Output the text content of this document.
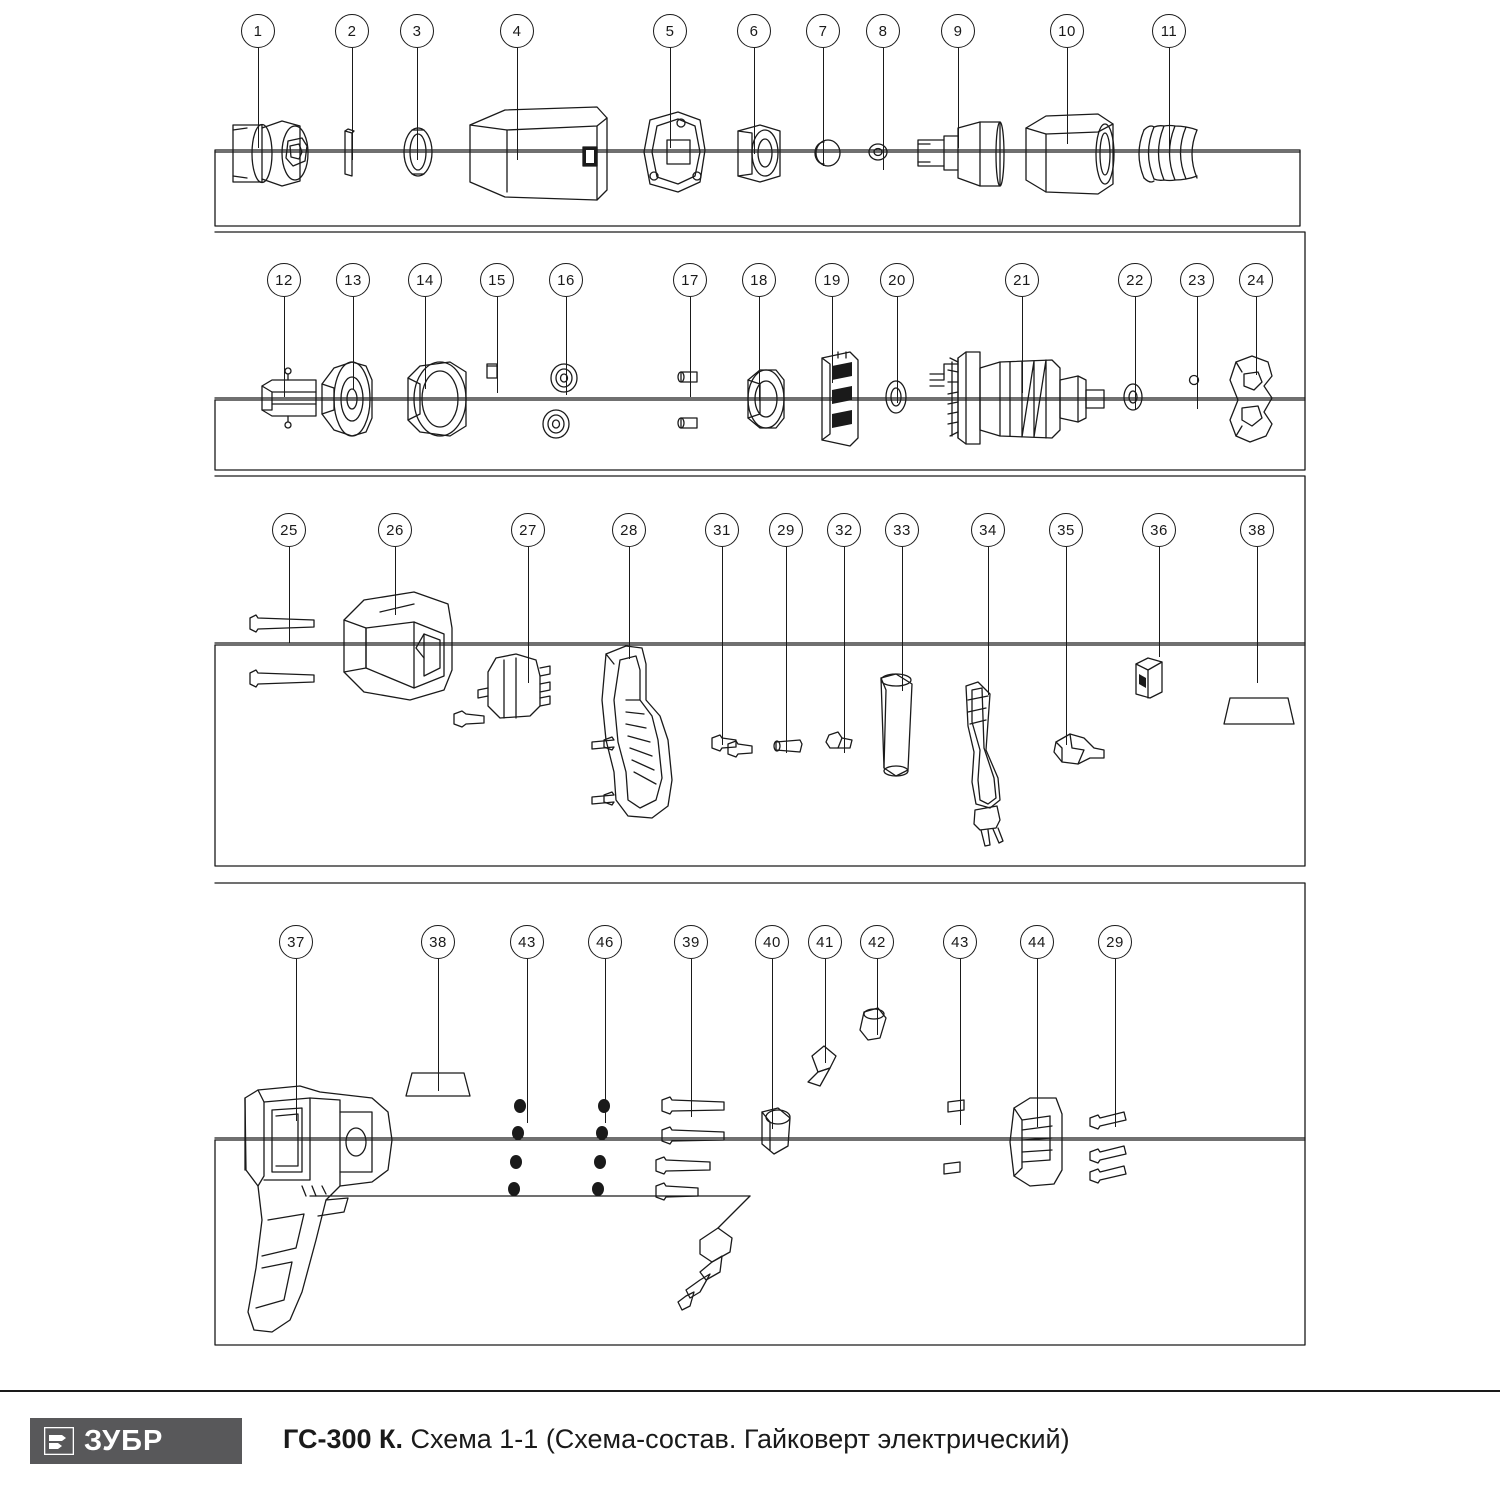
1	2	3	4	5	6	7	8	9	10	11
12	13	14	15	16	17	18	19	20	21	22	23	24
25	26	27	28	31	29	32	33	34	35	36	38
37	38	43	46	39	40	41	42	43	44	29
ЗУБР	ГС-300 К. Схема 1-1 (Схема-состав. Гайковерт электрический)
